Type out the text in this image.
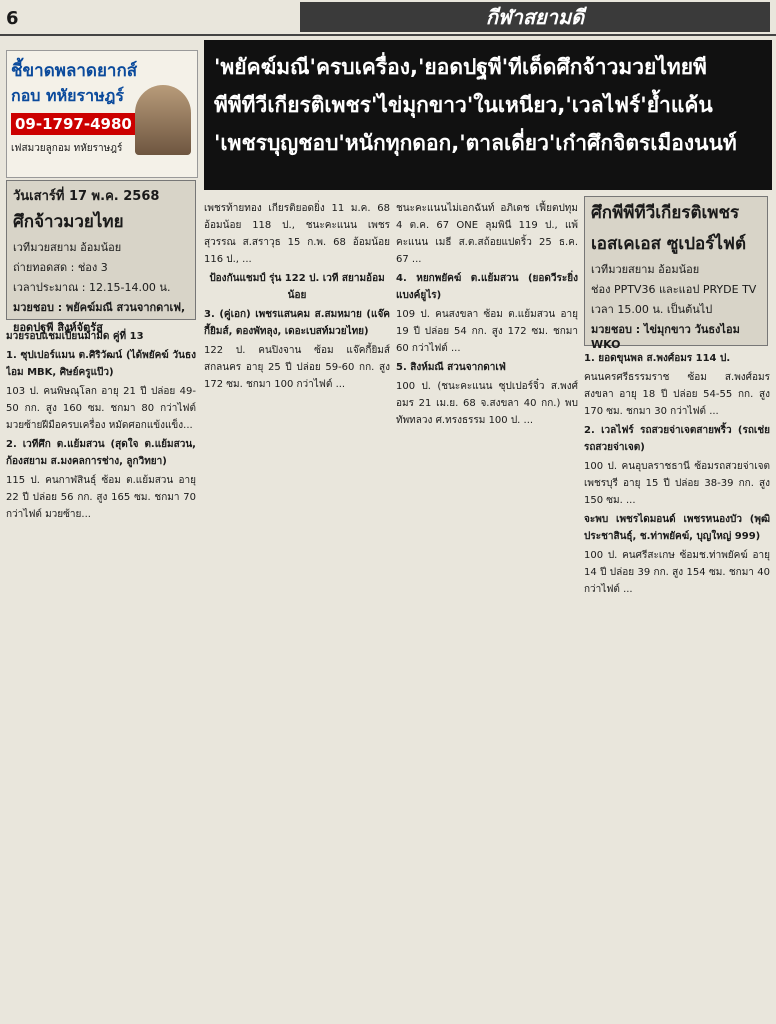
6	กีฬาสยามดี
ชี้ขาดพลาดยากส์
กอบ ทหัยราษฎร์
09-1797-4980
เฟสมวยลูกอม ทหัยราษฎร์
'พยัคฆ์มณี'ครบเครื่อง,'ยอดปฐพี'ทีเด็ดศึกจ้าวมวยไทยพี
พีพีทีวีเกียรติเพชร'ไข่มุกขาว'ในเหนียว,'เวลไฟร์'ย้ำแค้น
'เพชรบุญชอบ'หนักทุกดอก,'ตาลเดี่ยว'เก๋าศึกจิตรเมืองนนท์
วันเสาร์ที่ 17 พ.ค. 2568
ศึกจ้าวมวยไทย
เวทีมวยสยาม อ้อมน้อย
ถ่ายทอดสด : ช่อง 3
เวลาประมาณ : 12.15-14.00 น.
มวยชอบ : พยัคฆ์มณี สวนจากดาเฟ,
ยอดปฐพี สิงห์จัตุรัส
ศึกพีพีทีวีเกียรติเพชร
เอสเคเอส ซูเปอร์ไฟต์
เวทีมวยสยาม อ้อมน้อย
ช่อง PPTV36 และแอป PRYDE TV
เวลา 15.00 น. เป็นต้นไป
มวยชอบ : ไข่มุกขาว วันธงไอม WKO

มวยรอบแชมเปี้ยนม้ามืด คู่ที่ 13

1. ซุปเปอร์แมน ต.ศิริวัฒน์ (ได้พยัคฆ์ วันธงไอม MBK, ศิษย์ครูแป๊ว)

103 ป. คนพิษณุโลก อายุ 21 ปี ปล่อย 49-50 กก. สูง 160 ซม. ชกมา 80 กว่าไฟต์ มวยซ้ายฝีมือครบเครื่อง หมัดศอกแข้งแข็ง...

2. เวทีศึก ต.แย้มสวน (สุดใจ ต.แย้มสวน, ก้องสยาม ส.มงคลการช่าง, ลูกวิทยา)

115 ป. คนกาฬสินธุ์ ซ้อม ต.แย้มสวน อายุ 22 ปี ปล่อย 56 กก. สูง 165 ซม. ชกมา 70 กว่าไฟต์ มวยซ้าย...

เพชรท้ายทอง เกียรติยอดยิ่ง 11 ม.ค. 68 อ้อมน้อย 118 ป., ชนะคะแนน เพชรสุวรรณ ส.สราวุธ 15 ก.พ. 68 อ้อมน้อย 116 ป., ...

ป้องกันแชมป์ รุ่น 122 ป. เวที สยามอ้อมน้อย

3. (คู่เอก) เพชรแสนคม ส.สมหมาย (แจ๊คกี้ยิมส์, ตองพัทลุง, เดอะเบสท์มวยไทย)

122 ป. คนปิงจาน ซ้อม แจ๊คกี้ยิมส์ สกลนคร อายุ 25 ปี ปล่อย 59-60 กก. สูง 172 ซม. ชกมา 100 กว่าไฟต์ ...

ชนะคะแนนไม่เอกฉันท์ อภิเดช เฟี้ยตปทุม 4 ต.ค. 67 ONE ลุมพินี 119 ป., แพ้คะแนน เมธี ส.ต.สถ้อยแปดริ้ว 25 ธ.ค. 67 ...

4. หยกพยัคฆ์ ต.แย้มสวน (ยอดวีระยิ่ง แบงค์ยูไร)

109 ป. คนสงขลา ซ้อม ต.แย้มสวน อายุ 19 ปี ปล่อย 54 กก. สูง 172 ซม. ชกมา 60 กว่าไฟต์ ...

5. สิงห์มณี สวนจากดาเฟ่

100 ป. (ชนะคะแนน ซุปเปอร์จิ๋ว ส.พงศ์อมร 21 เม.ย. 68 จ.สงขลา 40 กก.) พบ ทัพทลวง ศ.ทรงธรรม 100 ป. ...

1. ยอดขุนพล ส.พงศ์อมร 114 ป.

คนนครศรีธรรมราช ซ้อม ส.พงศ์อมร สงขลา อายุ 18 ปี ปล่อย 54-55 กก. สูง 170 ซม. ชกมา 30 กว่าไฟต์ ...

2. เวลไฟร์ รถสวยจ่าเจตสายพริ้ว (รถเช่ย รถสวยจ่าเจต)

100 ป. คนอุบลราชธานี ซ้อมรถสวยจ่าเจต เพชรบุรี อายุ 15 ปี ปล่อย 38-39 กก. สูง 150 ซม. ...

จะพบ เพชรไดมอนด์ เพชรหนองบัว (พุฒิประชาสินธุ์, ช.ท่าพยัคฆ์, บุญใหญ่ 999)

100 ป. คนศรีสะเกษ ซ้อมช.ท่าพยัคฆ์ อายุ 14 ปี ปล่อย 39 กก. สูง 154 ซม. ชกมา 40 กว่าไฟต์ ...
